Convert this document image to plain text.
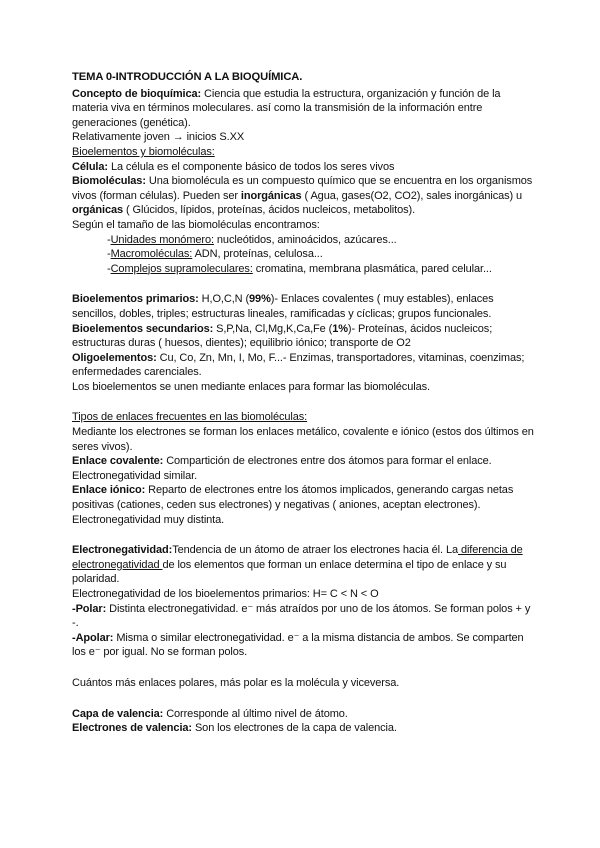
TEMA 0-INTRODUCCIÓN A LA BIOQUÍMICA.

Concepto de bioquímica: Ciencia que estudia la estructura, organización y función de la materia viva en términos moleculares. así como la transmisión de la información entre generaciones (genética).

Relativamente joven → inicios S.XX

Bioelementos y biomoléculas:

Célula: La célula es el componente básico de todos los seres vivos

Biomoléculas: Una biomolécula es un compuesto químico que se encuentra en los organismos vivos (forman células). Pueden ser inorgánicas ( Agua, gases(O2, CO2), sales inorgánicas) u orgánicas ( Glúcidos, lípidos, proteínas, ácidos nucleicos, metabolitos).

Según el tamaño de las biomoléculas encontramos:

-Unidades monómero: nucleótidos, aminoácidos, azúcares...

-Macromoléculas: ADN, proteínas, celulosa...

-Complejos supramoleculares: cromatina, membrana plasmática, pared celular...

Bioelementos primarios: H,O,C,N (99%)- Enlaces covalentes ( muy estables), enlaces sencillos, dobles, triples; estructuras lineales, ramificadas y cíclicas; grupos funcionales.

Bioelementos secundarios: S,P,Na, Cl,Mg,K,Ca,Fe (1%)- Proteínas, ácidos nucleicos; estructuras duras ( huesos, dientes); equilibrio iónico; transporte de O2

Oligoelementos: Cu, Co, Zn, Mn, I, Mo, F...- Enzimas, transportadores, vitaminas, coenzimas; enfermedades carenciales.

Los bioelementos se unen mediante enlaces para formar las biomoléculas.

Tipos de enlaces frecuentes en las biomoléculas:

Mediante los electrones se forman los enlaces metálico, covalente e iónico (estos dos últimos en seres vivos).

Enlace covalente: Compartición de electrones entre dos átomos para formar el enlace. Electronegatividad similar.

Enlace iónico: Reparto de electrones entre los átomos implicados, generando cargas netas positivas (cationes, ceden sus electrones) y negativas ( aniones, aceptan electrones). Electronegatividad muy distinta.

Electronegatividad:Tendencia de un átomo de atraer los electrones hacia él. La diferencia de electronegatividad de los elementos que forman un enlace determina el tipo de enlace y su polaridad.

Electronegatividad de los bioelementos primarios: H= C < N < O

-Polar: Distinta electronegatividad. e⁻ más atraídos por uno de los átomos. Se forman polos + y -.

-Apolar: Misma o similar electronegatividad. e⁻ a la misma distancia de ambos. Se comparten los e⁻ por igual. No se forman polos.

Cuántos más enlaces polares, más polar es la molécula y viceversa.

Capa de valencia: Corresponde al último nivel de átomo.

Electrones de valencia: Son los electrones de la capa de valencia.
